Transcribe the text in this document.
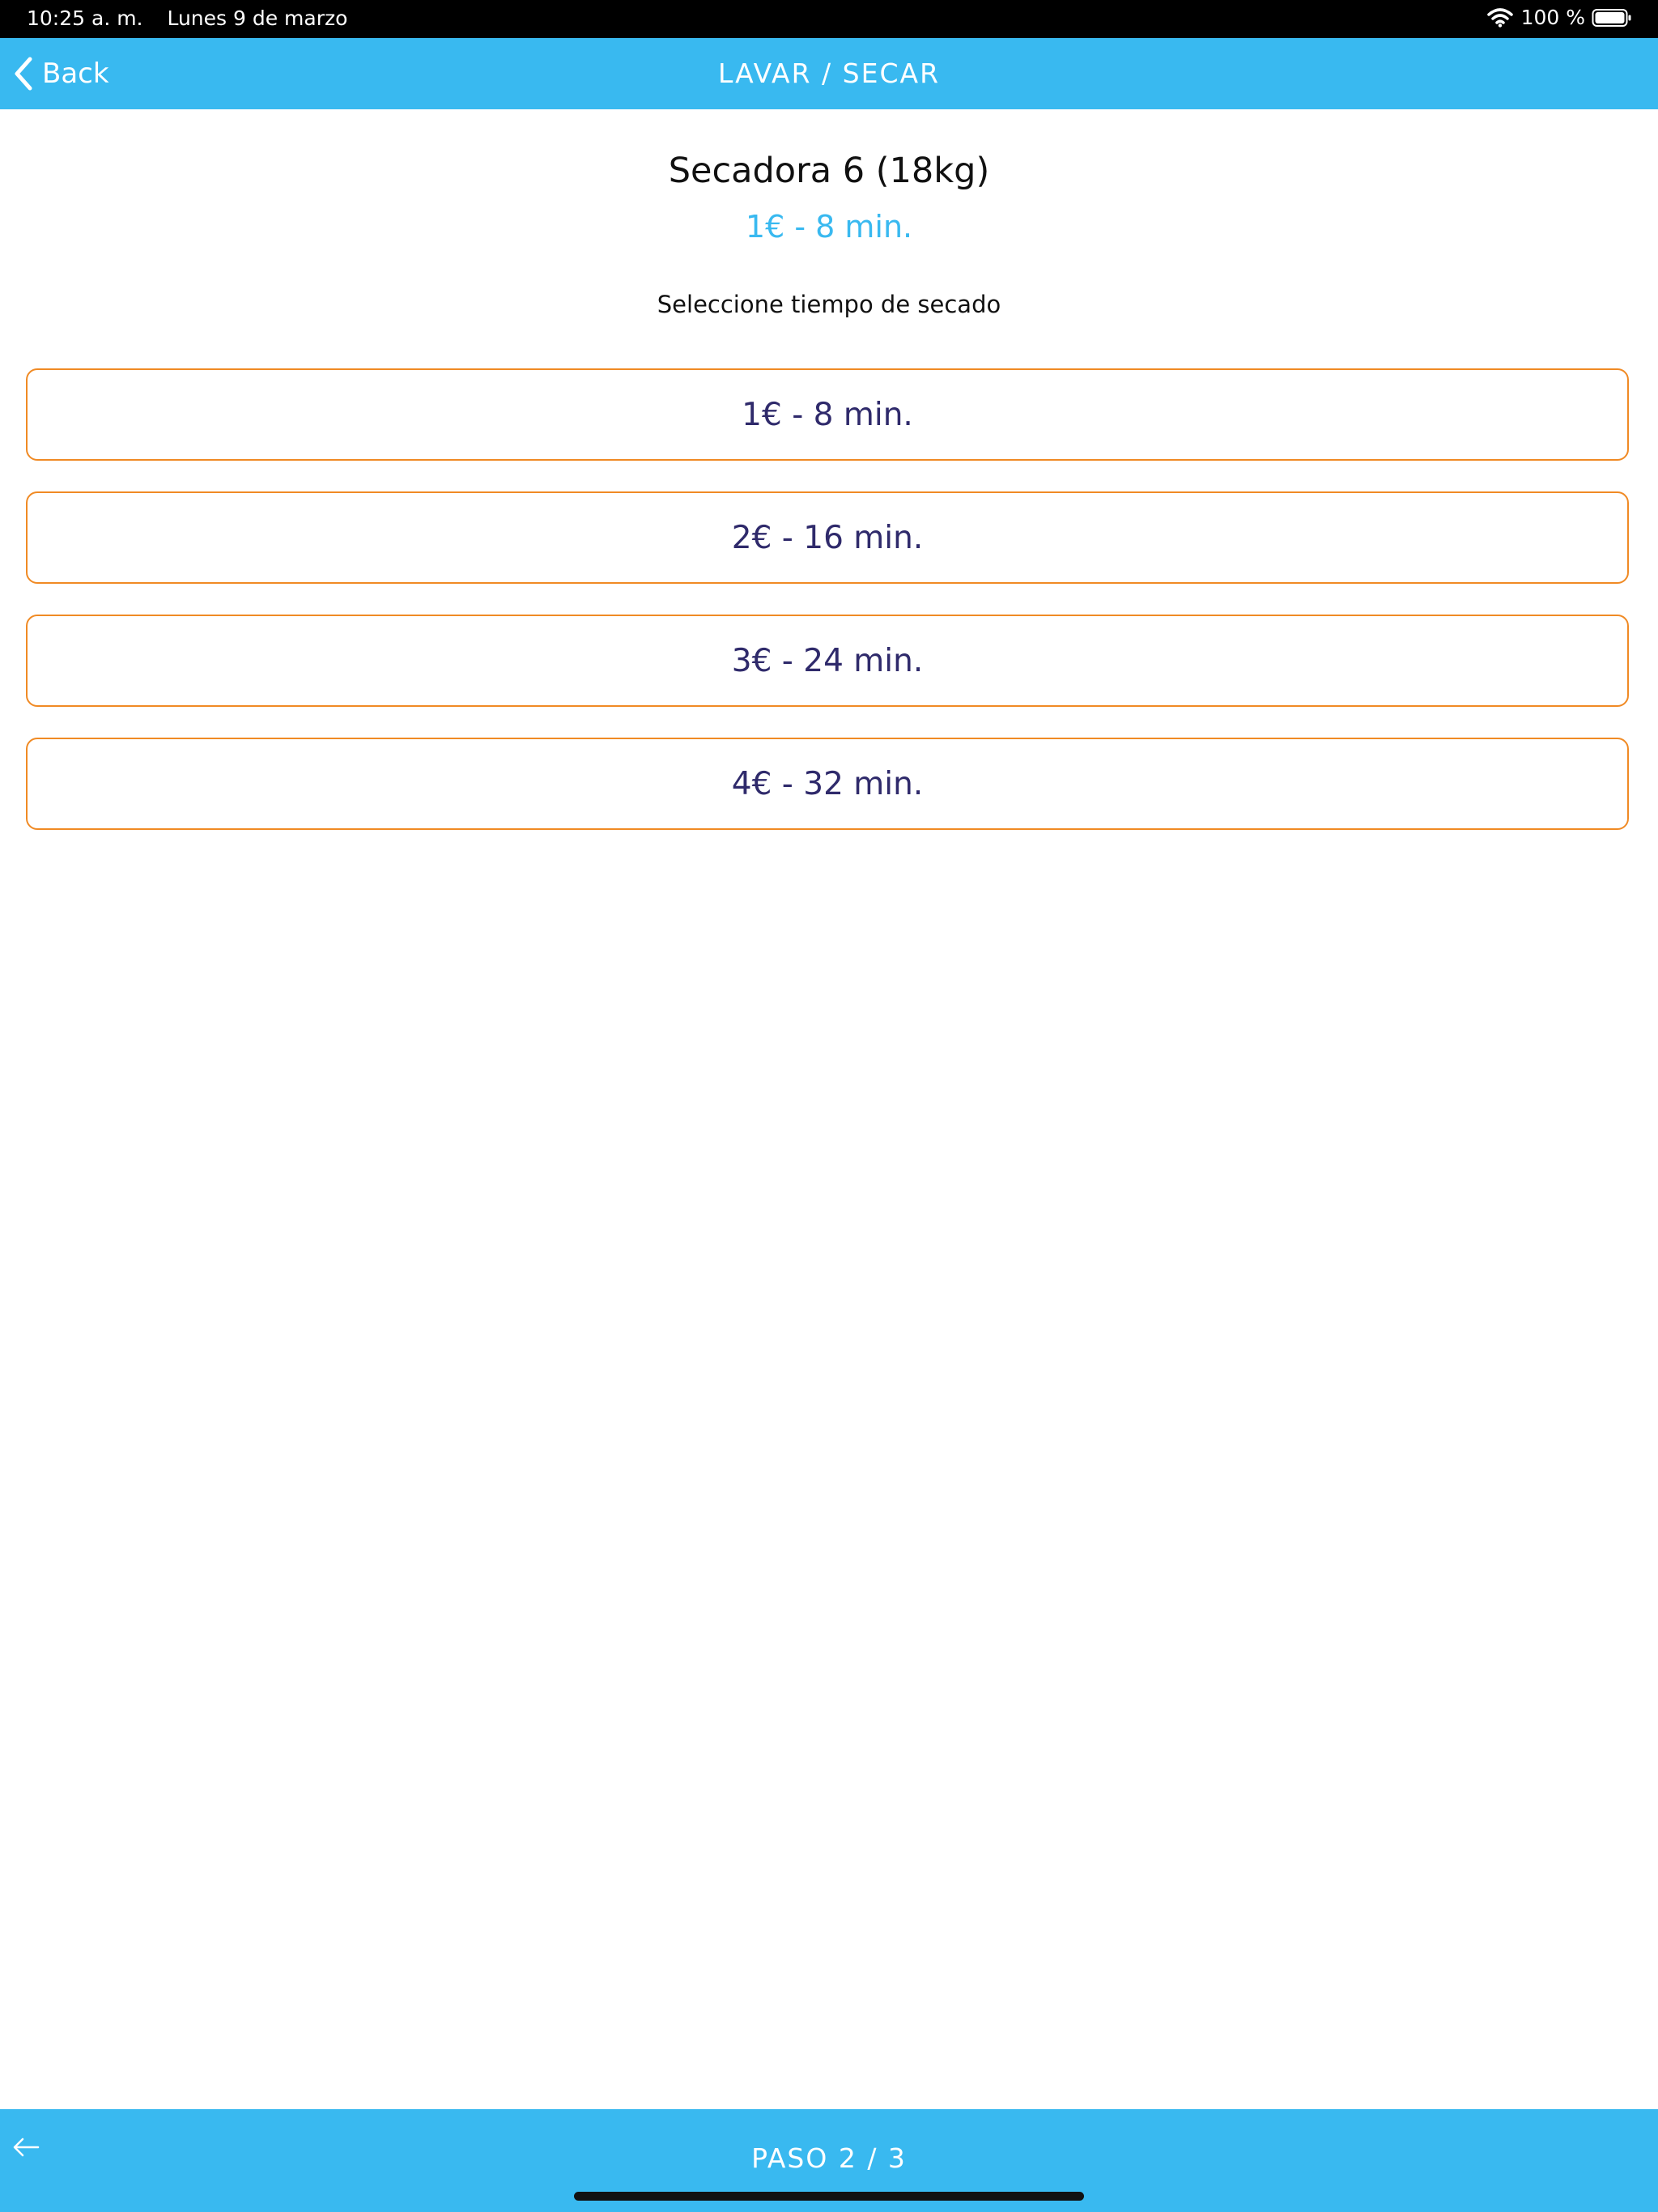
10:25 a. m. Lunes 9 de marzo	100 %
Back	LAVAR / SECAR
Secadora 6 (18kg)
1€ - 8 min.
Seleccione tiempo de secado
1€ - 8 min.
2€ - 16 min.
3€ - 24 min.
4€ - 32 min.
PASO 2 / 3
